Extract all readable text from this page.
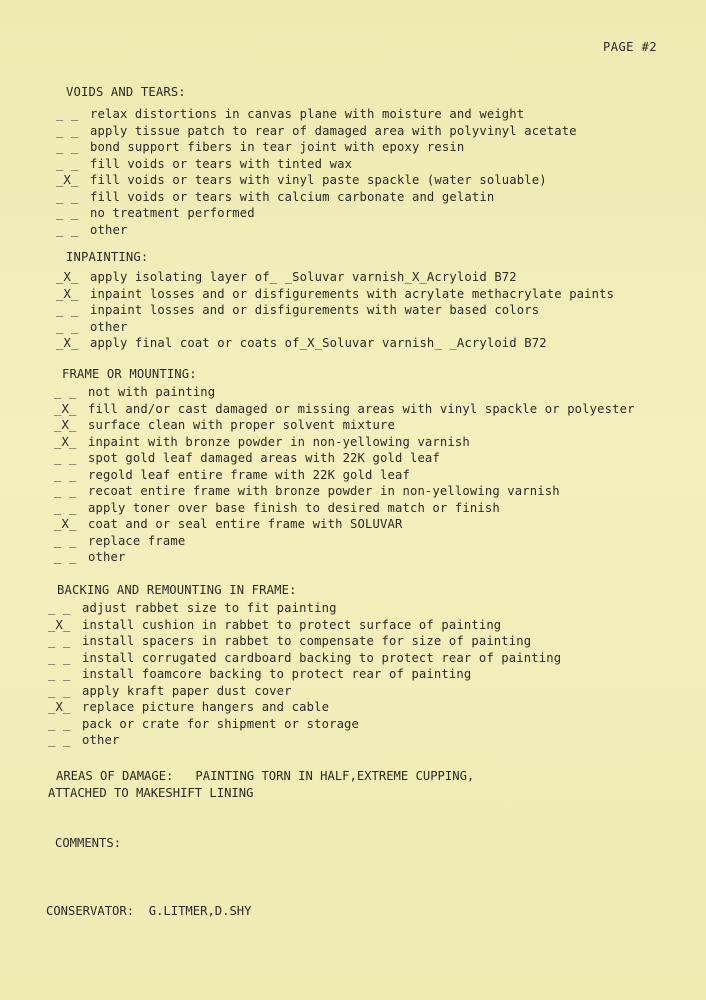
PAGE #2
VOIDS AND TEARS:
_ _ relax distortions in canvas plane with moisture and weight
_ _ apply tissue patch to rear of damaged area with polyvinyl acetate
_ _ bond support fibers in tear joint with epoxy resin
_ _ fill voids or tears with tinted wax
_X_ fill voids or tears with vinyl paste spackle (water soluable)
_ _ fill voids or tears with calcium carbonate and gelatin
_ _ no treatment performed
_ _ other
INPAINTING:
_X_ apply isolating layer of_ _Soluvar varnish_X_Acryloid B72
_X_ inpaint losses and or disfigurements with acrylate methacrylate paints
_ _ inpaint losses and or disfigurements with water based colors
_ _ other
_X_ apply final coat or coats of_X_Soluvar varnish_ _Acryloid B72
FRAME OR MOUNTING:
_ _ not with painting
_X_ fill and/or cast damaged or missing areas with vinyl spackle or polyester
_X_ surface clean with proper solvent mixture
_X_ inpaint with bronze powder in non-yellowing varnish
_ _ spot gold leaf damaged areas with 22K gold leaf
_ _ regold leaf entire frame with 22K gold leaf
_ _ recoat entire frame with bronze powder in non-yellowing varnish
_ _ apply toner over base finish to desired match or finish
_X_ coat and or seal entire frame with SOLUVAR
_ _ replace frame
_ _ other
BACKING AND REMOUNTING IN FRAME:
_ _ adjust rabbet size to fit painting
_X_ install cushion in rabbet to protect surface of painting
_ _ install spacers in rabbet to compensate for size of painting
_ _ install corrugated cardboard backing to protect rear of painting
_ _ install foamcore backing to protect rear of painting
_ _ apply kraft paper dust cover
_X_ replace picture hangers and cable
_ _ pack or crate for shipment or storage
_ _ other
AREAS OF DAMAGE: PAINTING TORN IN HALF,EXTREME CUPPING,
ATTACHED TO MAKESHIFT LINING
COMMENTS:
CONSERVATOR: G.LITMER,D.SHY
